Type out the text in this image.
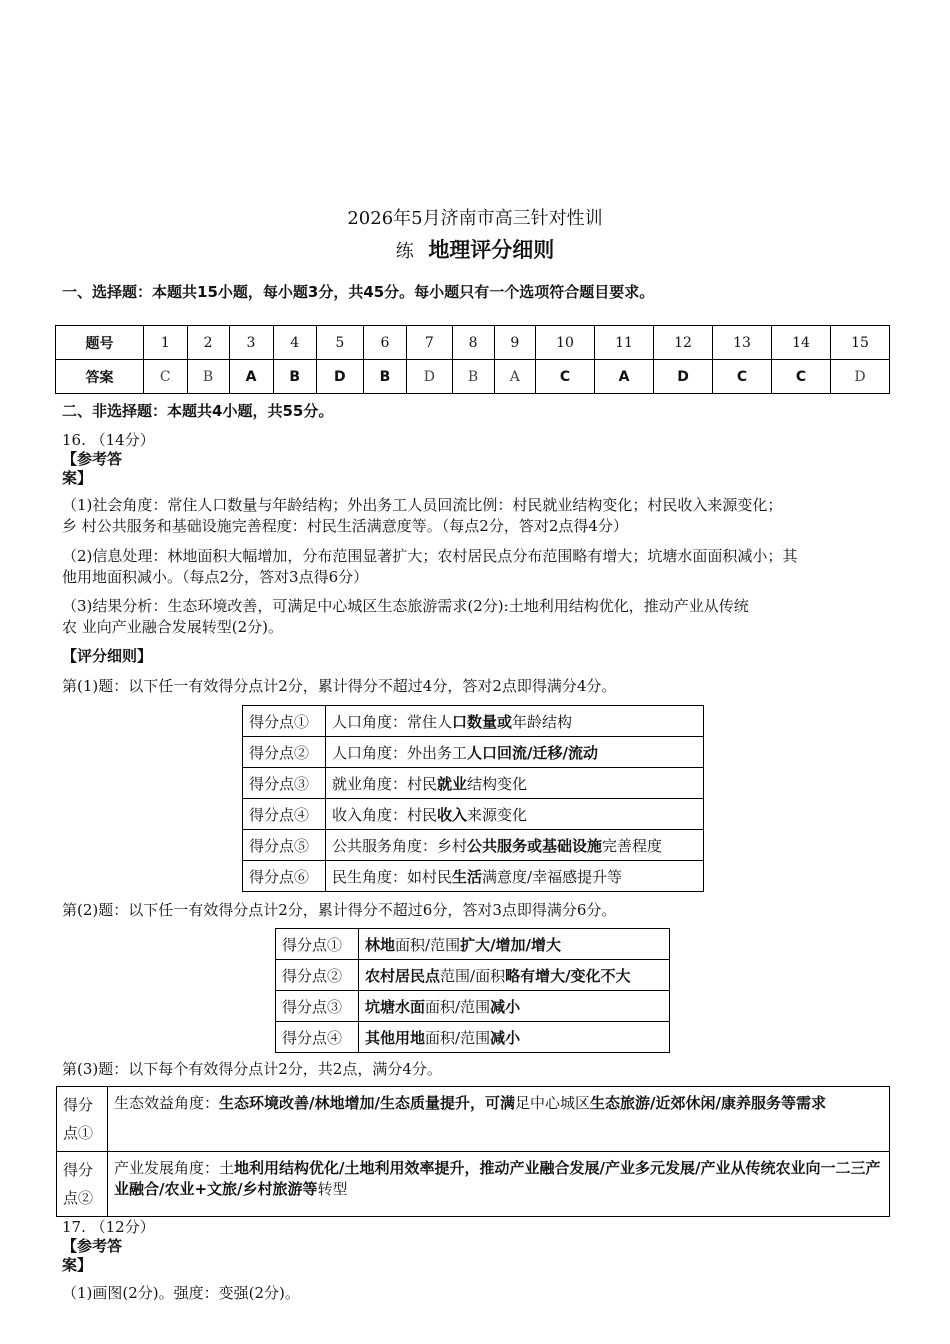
2026年5月济南市高三针对性训
练 地理评分细则
一、选择题：本题共15小题，每小题3分，共45分。每小题只有一个选项符合题目要求。
题号	1	2	3	4	5	6	7	8	9	10	11	12	13	14	15
答案	C	B	A	B	D	B	D	B	A	C	A	D	C	C	D
二、非选择题：本题共4小题，共55分。
16. （14分）
【参考答
案】
（1)社会角度：常住人口数量与年龄结构；外出务工人员回流比例：村民就业结构变化；村民收入来源变化；
乡 村公共服务和基础设施完善程度：村民生活满意度等。（每点2分，答对2点得4分）
（2)信息处理：林地面积大幅增加，分布范围显著扩大；农村居民点分布范围略有增大；坑塘水面面积减小；其
他用地面积减小。（每点2分，答对3点得6分）
（3)结果分析：生态环境改善，可满足中心城区生态旅游需求(2分):土地利用结构优化，推动产业从传统
农 业向产业融合发展转型(2分)。
【评分细则】
第(1)题：以下任一有效得分点计2分，累计得分不超过4分，答对2点即得满分4分。
得分点①	人口角度：常住人口数量或年龄结构
得分点②	人口角度：外出务工人口回流/迁移/流动
得分点③	就业角度：村民就业结构变化
得分点④	收入角度：村民收入来源变化
得分点⑤	公共服务角度：乡村公共服务或基础设施完善程度
得分点⑥	民生角度：如村民生活满意度/幸福感提升等
第(2)题：以下任一有效得分点计2分，累计得分不超过6分，答对3点即得满分6分。
得分点①	林地面积/范围扩大/增加/增大
得分点②	农村居民点范围/面积略有增大/变化不大
得分点③	坑塘水面面积/范围减小
得分点④	其他用地面积/范围减小
第(3)题：以下每个有效得分点计2分，共2点，满分4分。
得分
点①	生态效益角度：生态环境改善/林地增加/生态质量提升，可满足中心城区生态旅游/近郊休闲/康养服务等需求
得分
点②	产业发展角度：土地利用结构优化/土地利用效率提升，推动产业融合发展/产业多元发展/产业从传统农业向一二三产业融合/农业+文旅/乡村旅游等转型
17. （12分）
【参考答
案】
（1)画图(2分)。强度：变强(2分)。
